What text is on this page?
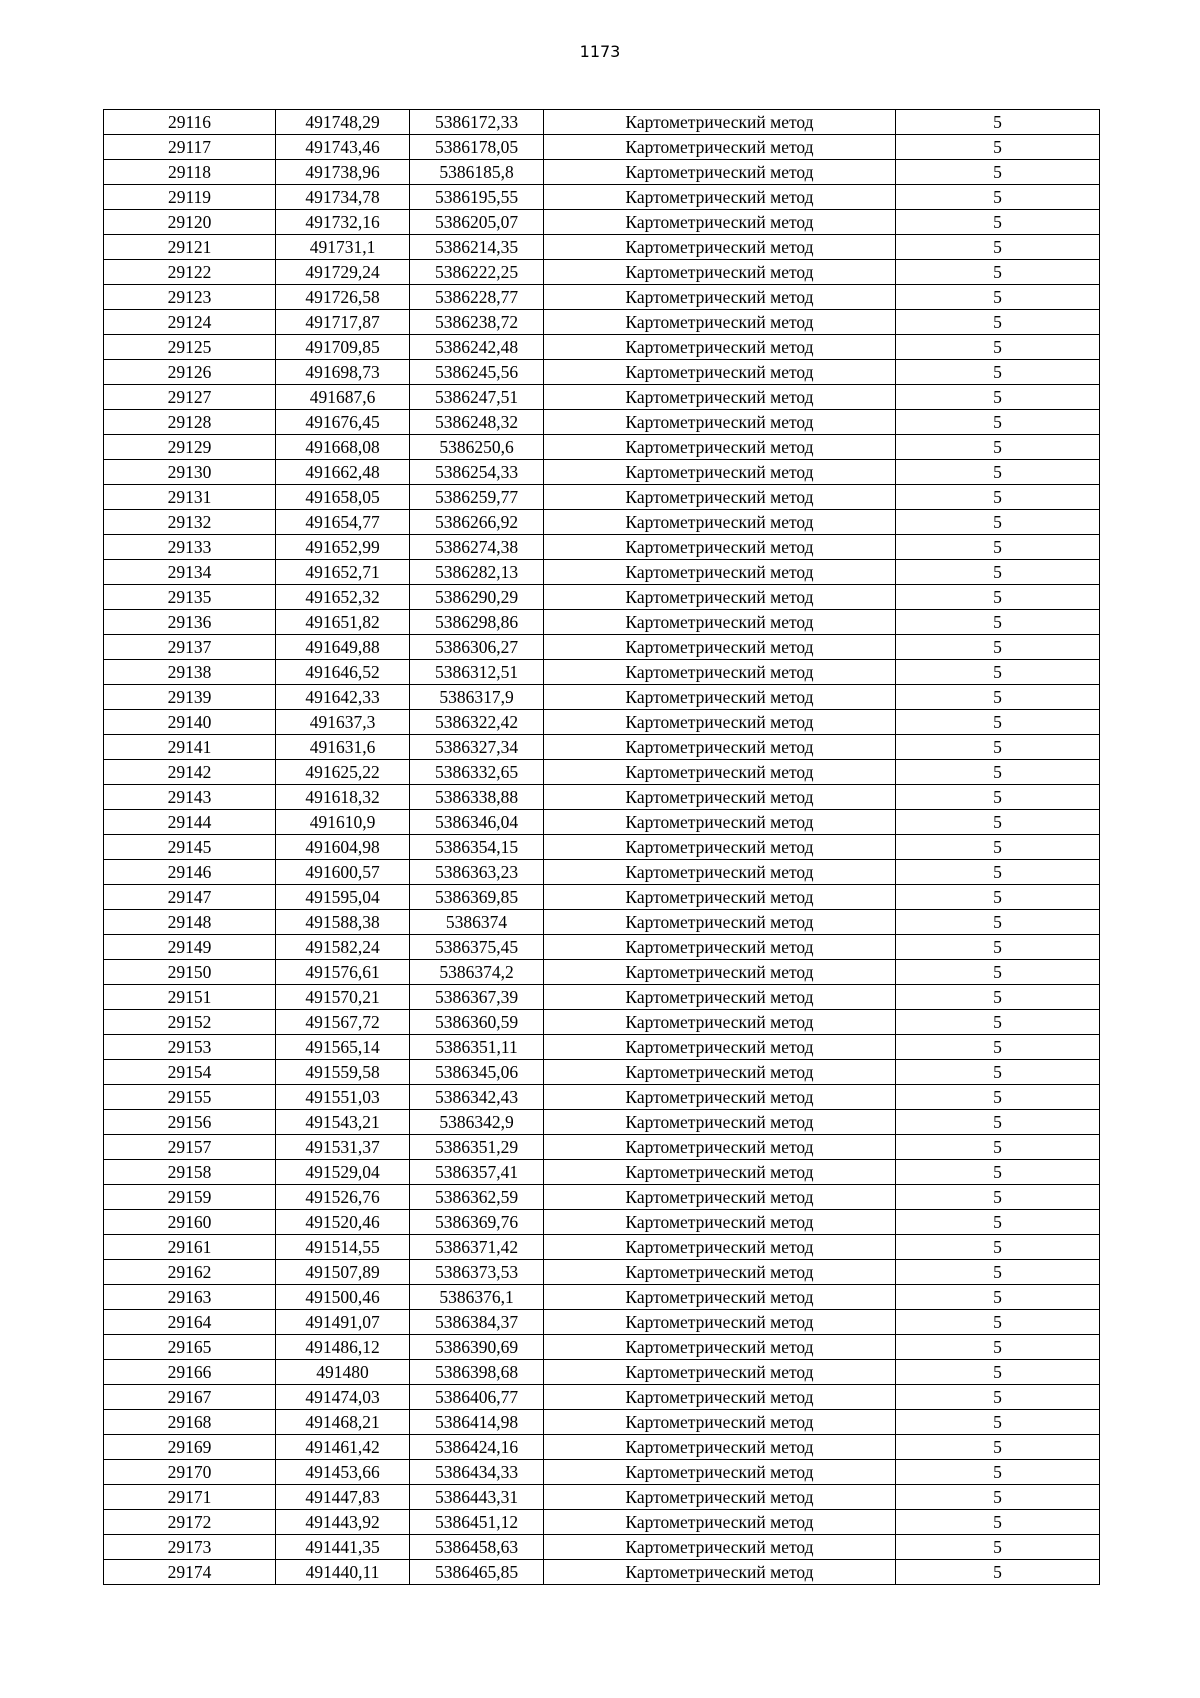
1173
29116	491748,29	5386172,33	Картометрический метод	5
29117	491743,46	5386178,05	Картометрический метод	5
29118	491738,96	5386185,8	Картометрический метод	5
29119	491734,78	5386195,55	Картометрический метод	5
29120	491732,16	5386205,07	Картометрический метод	5
29121	491731,1	5386214,35	Картометрический метод	5
29122	491729,24	5386222,25	Картометрический метод	5
29123	491726,58	5386228,77	Картометрический метод	5
29124	491717,87	5386238,72	Картометрический метод	5
29125	491709,85	5386242,48	Картометрический метод	5
29126	491698,73	5386245,56	Картометрический метод	5
29127	491687,6	5386247,51	Картометрический метод	5
29128	491676,45	5386248,32	Картометрический метод	5
29129	491668,08	5386250,6	Картометрический метод	5
29130	491662,48	5386254,33	Картометрический метод	5
29131	491658,05	5386259,77	Картометрический метод	5
29132	491654,77	5386266,92	Картометрический метод	5
29133	491652,99	5386274,38	Картометрический метод	5
29134	491652,71	5386282,13	Картометрический метод	5
29135	491652,32	5386290,29	Картометрический метод	5
29136	491651,82	5386298,86	Картометрический метод	5
29137	491649,88	5386306,27	Картометрический метод	5
29138	491646,52	5386312,51	Картометрический метод	5
29139	491642,33	5386317,9	Картометрический метод	5
29140	491637,3	5386322,42	Картометрический метод	5
29141	491631,6	5386327,34	Картометрический метод	5
29142	491625,22	5386332,65	Картометрический метод	5
29143	491618,32	5386338,88	Картометрический метод	5
29144	491610,9	5386346,04	Картометрический метод	5
29145	491604,98	5386354,15	Картометрический метод	5
29146	491600,57	5386363,23	Картометрический метод	5
29147	491595,04	5386369,85	Картометрический метод	5
29148	491588,38	5386374	Картометрический метод	5
29149	491582,24	5386375,45	Картометрический метод	5
29150	491576,61	5386374,2	Картометрический метод	5
29151	491570,21	5386367,39	Картометрический метод	5
29152	491567,72	5386360,59	Картометрический метод	5
29153	491565,14	5386351,11	Картометрический метод	5
29154	491559,58	5386345,06	Картометрический метод	5
29155	491551,03	5386342,43	Картометрический метод	5
29156	491543,21	5386342,9	Картометрический метод	5
29157	491531,37	5386351,29	Картометрический метод	5
29158	491529,04	5386357,41	Картометрический метод	5
29159	491526,76	5386362,59	Картометрический метод	5
29160	491520,46	5386369,76	Картометрический метод	5
29161	491514,55	5386371,42	Картометрический метод	5
29162	491507,89	5386373,53	Картометрический метод	5
29163	491500,46	5386376,1	Картометрический метод	5
29164	491491,07	5386384,37	Картометрический метод	5
29165	491486,12	5386390,69	Картометрический метод	5
29166	491480	5386398,68	Картометрический метод	5
29167	491474,03	5386406,77	Картометрический метод	5
29168	491468,21	5386414,98	Картометрический метод	5
29169	491461,42	5386424,16	Картометрический метод	5
29170	491453,66	5386434,33	Картометрический метод	5
29171	491447,83	5386443,31	Картометрический метод	5
29172	491443,92	5386451,12	Картометрический метод	5
29173	491441,35	5386458,63	Картометрический метод	5
29174	491440,11	5386465,85	Картометрический метод	5
